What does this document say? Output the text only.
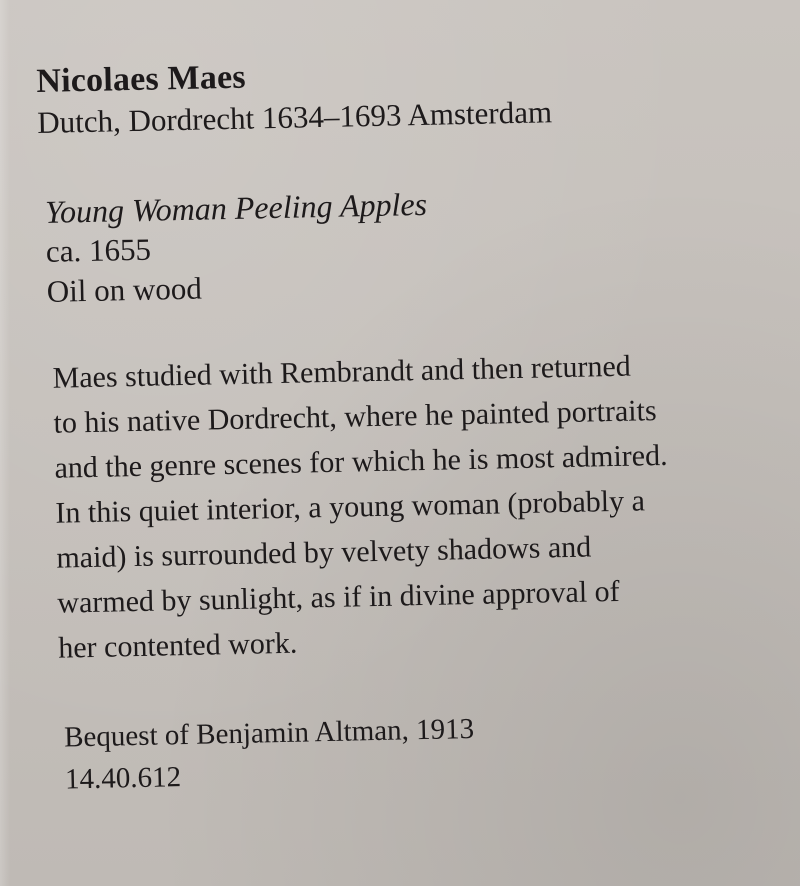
Nicolaes Maes
Dutch, Dordrecht 1634–1693 Amsterdam
Young Woman Peeling Apples
ca. 1655
Oil on wood
Maes studied with Rembrandt and then returned
to his native Dordrecht, where he painted portraits
and the genre scenes for which he is most admired.
In this quiet interior, a young woman (probably a
maid) is surrounded by velvety shadows and
warmed by sunlight, as if in divine approval of
her contented work.
Bequest of Benjamin Altman, 1913
14.40.612
